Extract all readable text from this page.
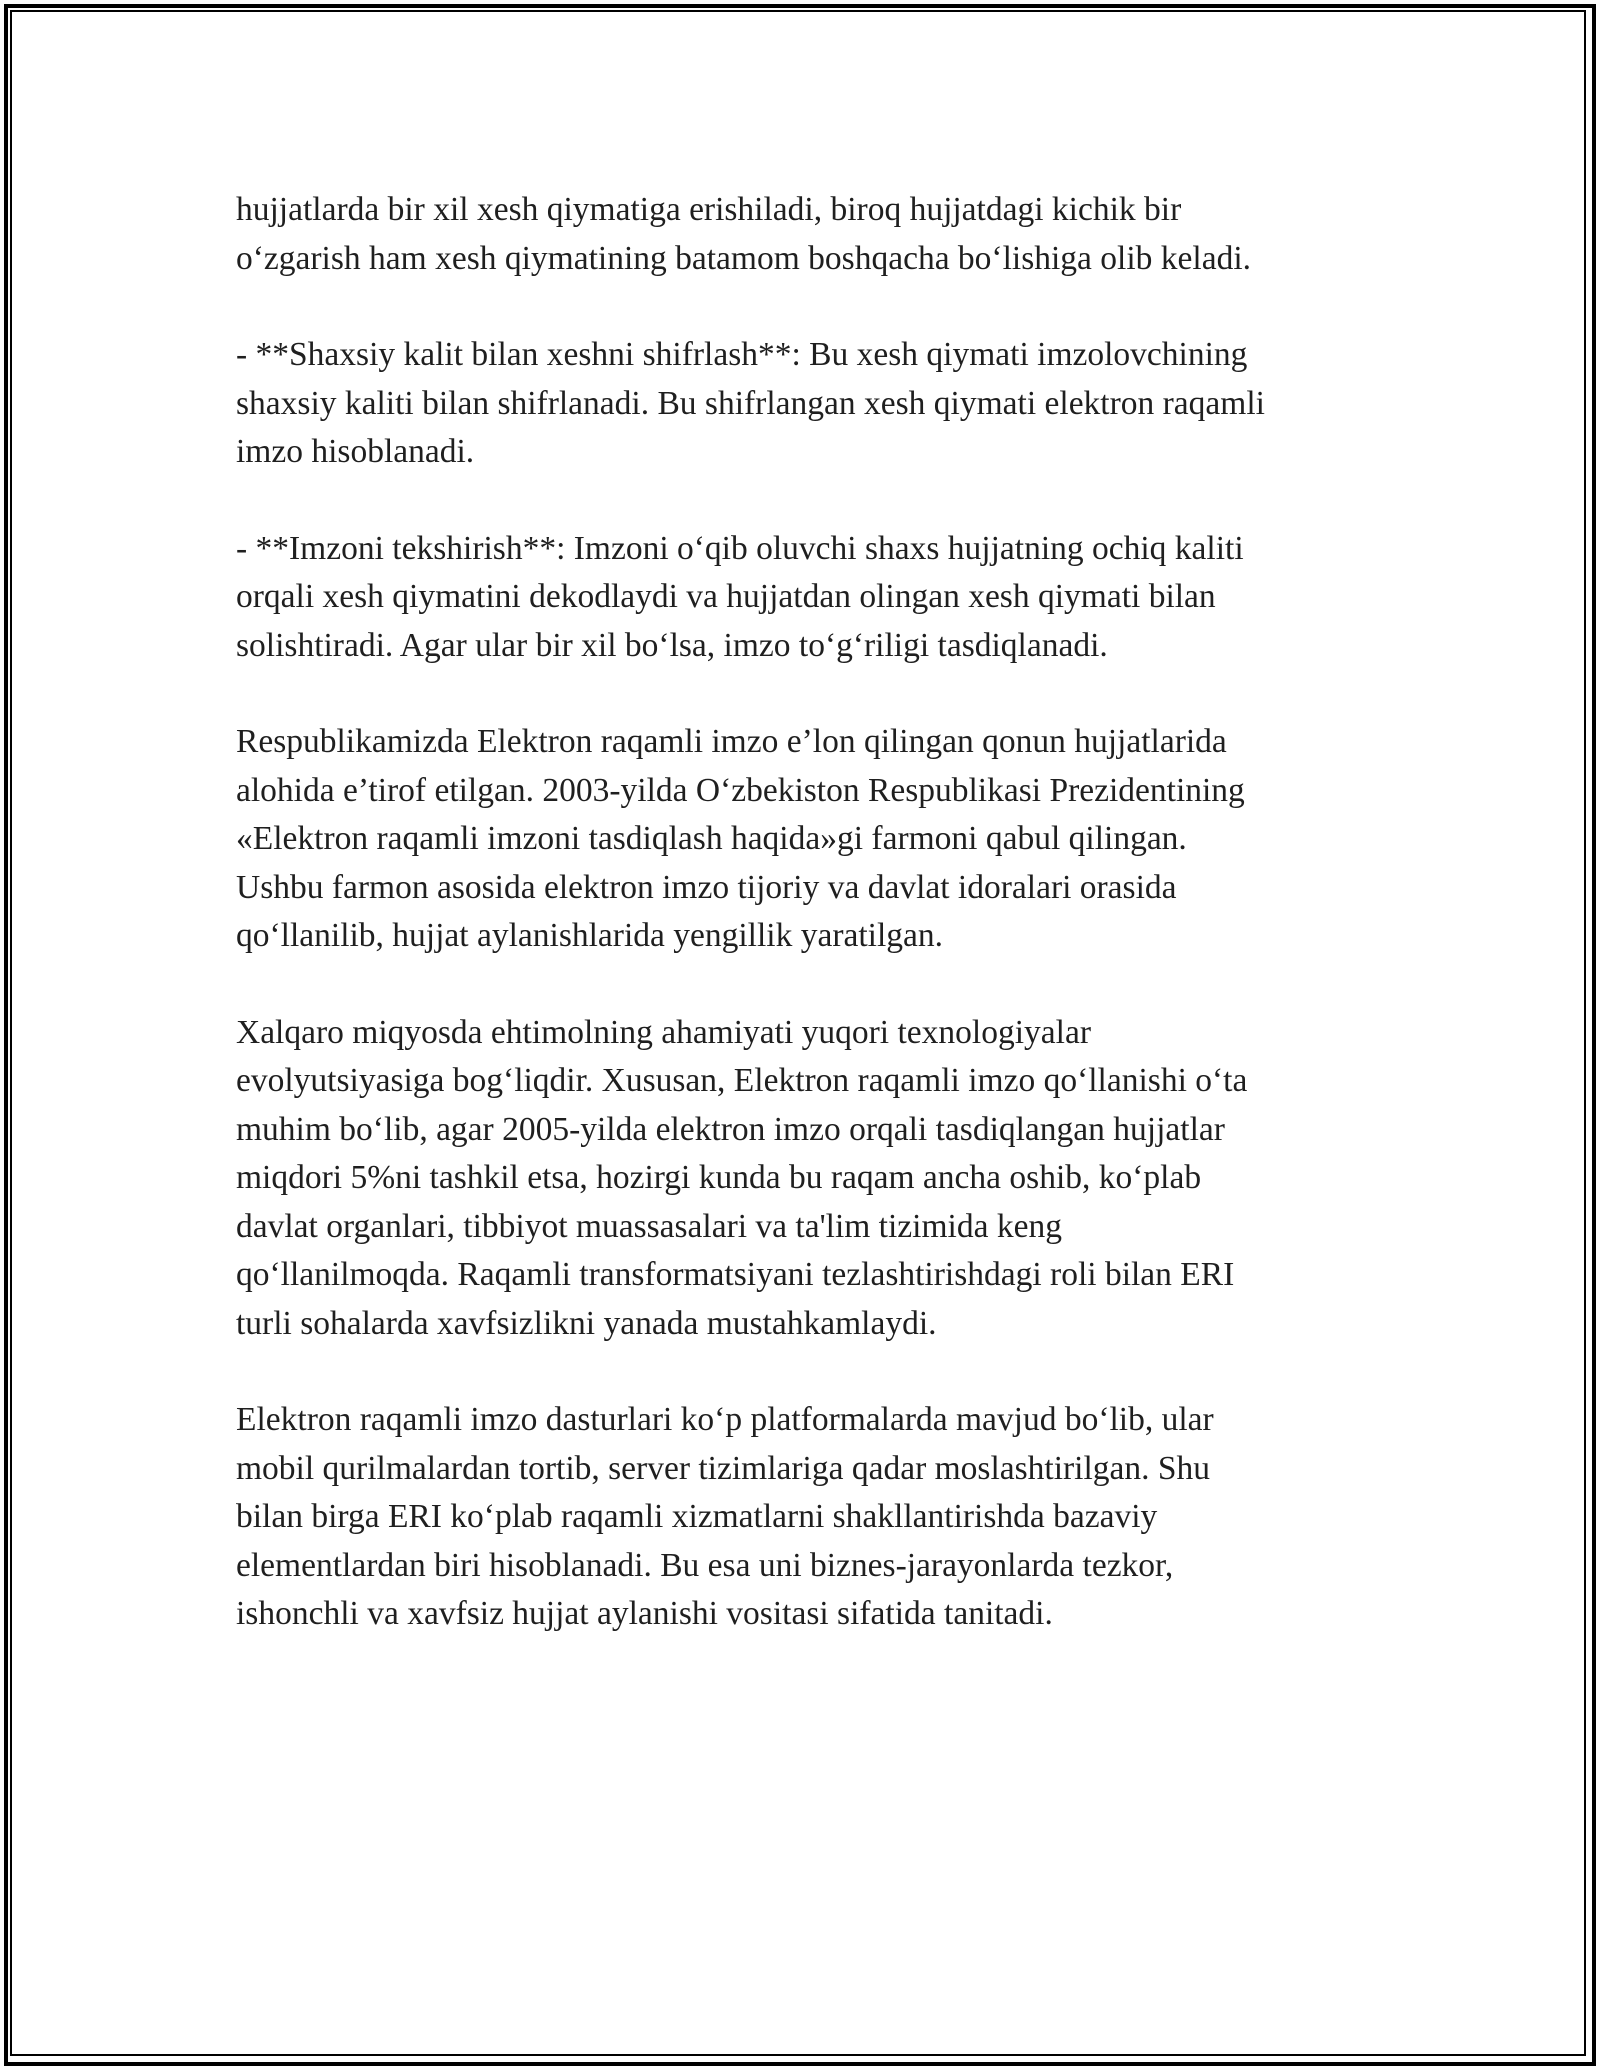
hujjatlarda bir xil xesh qiymatiga erishiladi, biroq hujjatdagi kichik bir
o‘zgarish ham xesh qiymatining batamom boshqacha bo‘lishiga olib keladi.

- **Shaxsiy kalit bilan xeshni shifrlash**: Bu xesh qiymati imzolovchining
shaxsiy kaliti bilan shifrlanadi. Bu shifrlangan xesh qiymati elektron raqamli
imzo hisoblanadi.

- **Imzoni tekshirish**: Imzoni o‘qib oluvchi shaxs hujjatning ochiq kaliti
orqali xesh qiymatini dekodlaydi va hujjatdan olingan xesh qiymati bilan
solishtiradi. Agar ular bir xil bo‘lsa, imzo to‘g‘riligi tasdiqlanadi.

Respublikamizda Elektron raqamli imzo e’lon qilingan qonun hujjatlarida
alohida e’tirof etilgan. 2003-yilda O‘zbekiston Respublikasi Prezidentining
«Elektron raqamli imzoni tasdiqlash haqida»gi farmoni qabul qilingan.
Ushbu farmon asosida elektron imzo tijoriy va davlat idoralari orasida
qo‘llanilib, hujjat aylanishlarida yengillik yaratilgan.

Xalqaro miqyosda ehtimolning ahamiyati yuqori texnologiyalar
evolyutsiyasiga bog‘liqdir. Xususan, Elektron raqamli imzo qo‘llanishi o‘ta
muhim bo‘lib, agar 2005-yilda elektron imzo orqali tasdiqlangan hujjatlar
miqdori 5%ni tashkil etsa, hozirgi kunda bu raqam ancha oshib, ko‘plab
davlat organlari, tibbiyot muassasalari va ta'lim tizimida keng
qo‘llanilmoqda. Raqamli transformatsiyani tezlashtirishdagi roli bilan ERI
turli sohalarda xavfsizlikni yanada mustahkamlaydi.

Elektron raqamli imzo dasturlari ko‘p platformalarda mavjud bo‘lib, ular
mobil qurilmalardan tortib, server tizimlariga qadar moslashtirilgan. Shu
bilan birga ERI ko‘plab raqamli xizmatlarni shakllantirishda bazaviy
elementlardan biri hisoblanadi. Bu esa uni biznes-jarayonlarda tezkor,
ishonchli va xavfsiz hujjat aylanishi vositasi sifatida tanitadi.
